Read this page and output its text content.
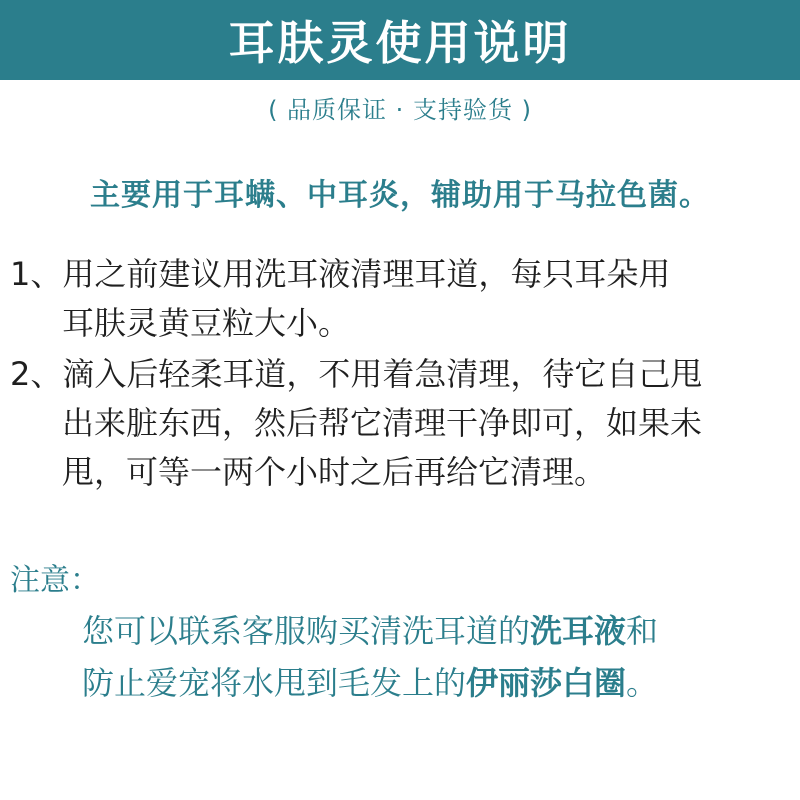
耳肤灵使用说明
( 品质保证 · 支持验货 )
主要用于耳螨、中耳炎，辅助用于马拉色菌。
1、用之前建议用洗耳液清理耳道，每只耳朵用
耳肤灵黄豆粒大小。
2、滴入后轻柔耳道，不用着急清理，待它自己甩
出来脏东西，然后帮它清理干净即可，如果未
甩，可等一两个小时之后再给它清理。
注意：
您可以联系客服购买清洗耳道的洗耳液和
防止爱宠将水甩到毛发上的伊丽莎白圈。
